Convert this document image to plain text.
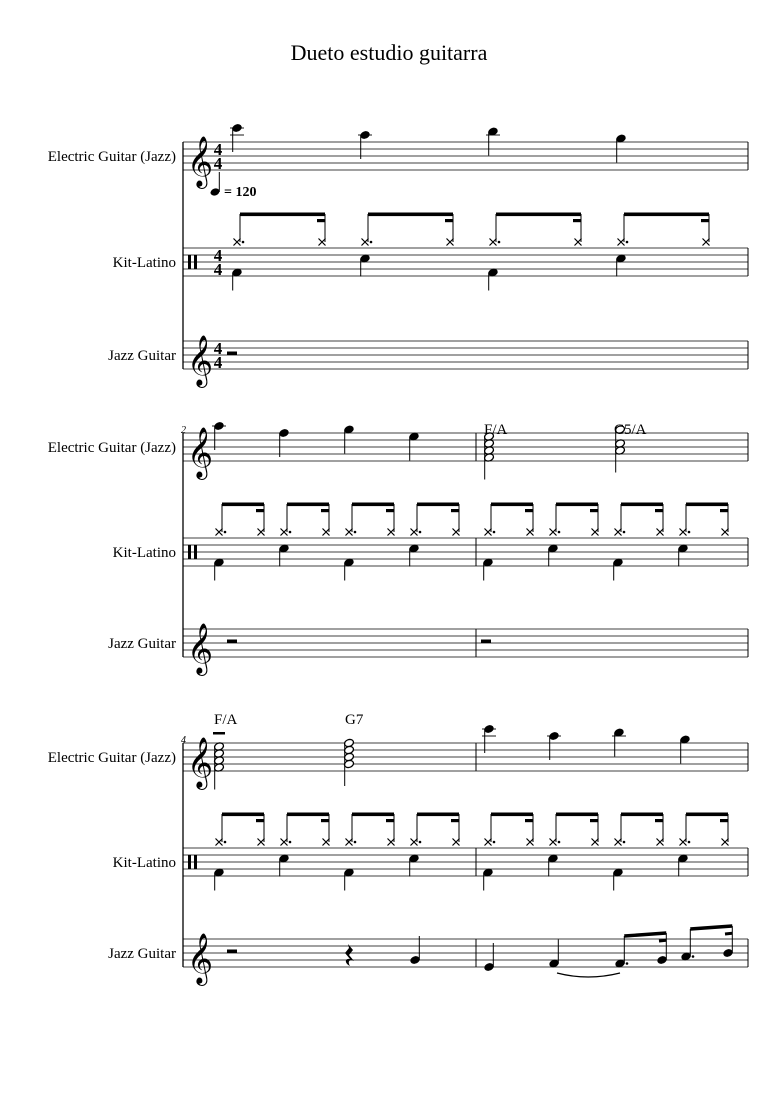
Dueto estudio guitarra
Electric Guitar (Jazz)
Kit-Latino
Jazz Guitar
𝄞
𝄞
Electric Guitar (Jazz)
Kit-Latino
Jazz Guitar
𝄞
𝄞
Electric Guitar (Jazz)
Kit-Latino
Jazz Guitar
𝄞
𝄞
4
4
4
4
4
4
= 120
2	F/A	C5/A
4
F/A	G7
